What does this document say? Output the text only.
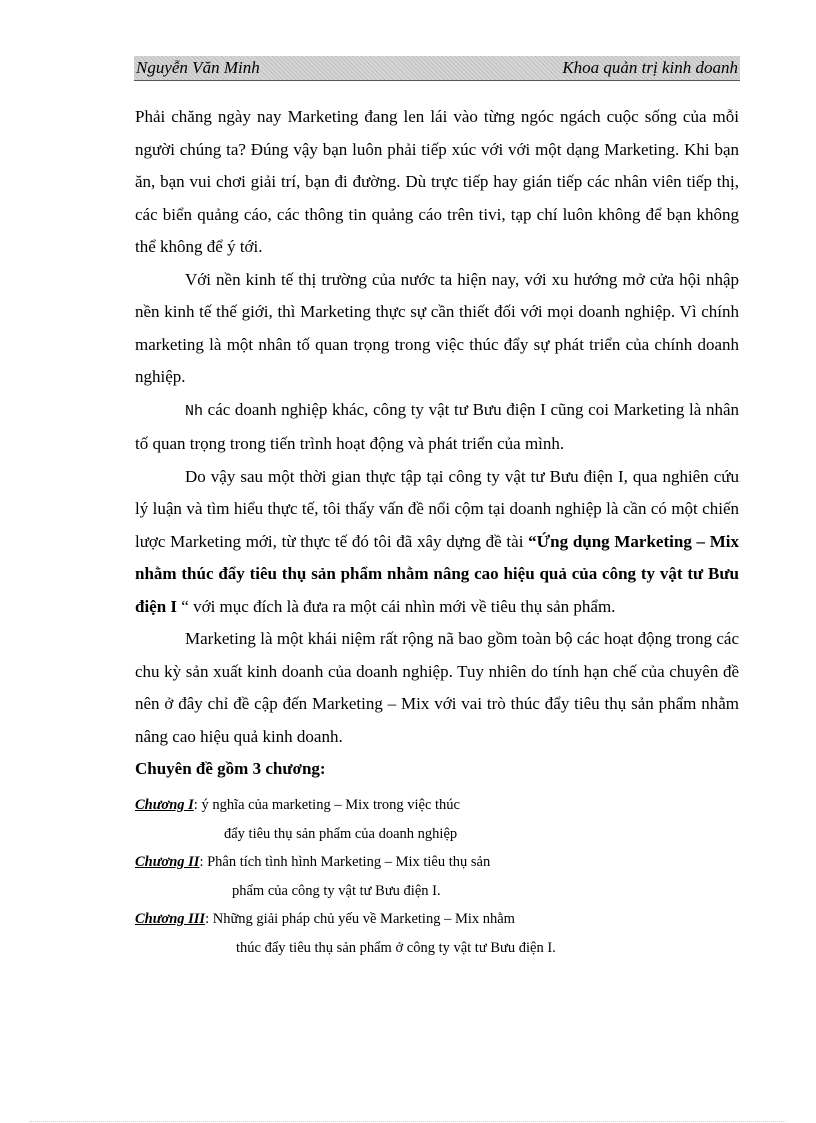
Nguyễn Văn Minh	Khoa quản trị kinh doanh

Phải chăng ngày nay Marketing đang len lái vào từng ngóc ngách cuộc sống của mỗi người chúng ta? Đúng vậy bạn luôn phải tiếp xúc với với một dạng Marketing. Khi bạn ăn, bạn vui chơi giải trí, bạn đi đường. Dù trực tiếp hay gián tiếp các nhân viên tiếp thị, các biển quảng cáo, các thông tin quảng cáo trên tivi, tạp chí luôn không để bạn không thể không để ý tới.

Với nền kinh tế thị trường của nước ta hiện nay, với xu hướng mở cửa hội nhập nền kinh tế thế giới, thì Marketing thực sự cần thiết đối với mọi doanh nghiệp. Vì chính marketing là một nhân tố quan trọng trong việc thúc đẩy sự phát triển của chính doanh nghiệp.

Nh các doanh nghiệp khác, công ty vật tư Bưu điện I cũng coi Marketing là nhân tố quan trọng trong tiến trình hoạt động và phát triển của mình.

Do vậy sau một thời gian thực tập tại công ty vật tư Bưu điện I, qua nghiên cứu lý luận và tìm hiểu thực tế, tôi thấy vấn đề nổi cộm tại doanh nghiệp là cần có một chiến lược Marketing mới, từ thực tế đó tôi đã xây dựng đề tài “Ứng dụng Marketing – Mix nhằm thúc đẩy tiêu thụ sản phẩm nhằm nâng cao hiệu quả của công ty vật tư Bưu điện I “ với mục đích là đưa ra một cái nhìn mới về tiêu thụ sản phẩm.

Marketing là một khái niệm rất rộng nã bao gồm toàn bộ các hoạt động trong các chu kỳ sản xuất kinh doanh của doanh nghiệp. Tuy nhiên do tính hạn chế của chuyên đề nên ở đây chỉ đề cập đến Marketing – Mix với vai trò thúc đẩy tiêu thụ sản phẩm nhằm nâng cao hiệu quả kinh doanh.

Chuyên đề gồm 3 chương:

Chương I: ý nghĩa của marketing – Mix trong việc thúc

đẩy tiêu thụ sản phẩm của doanh nghiệp

Chương II: Phân tích tình hình Marketing – Mix tiêu thụ sản

phẩm của công ty vật tư Bưu điện I.

Chương III: Những giải pháp chủ yếu về Marketing – Mix nhằm

thúc đẩy tiêu thụ sản phẩm ở công ty vật tư Bưu điện I.
